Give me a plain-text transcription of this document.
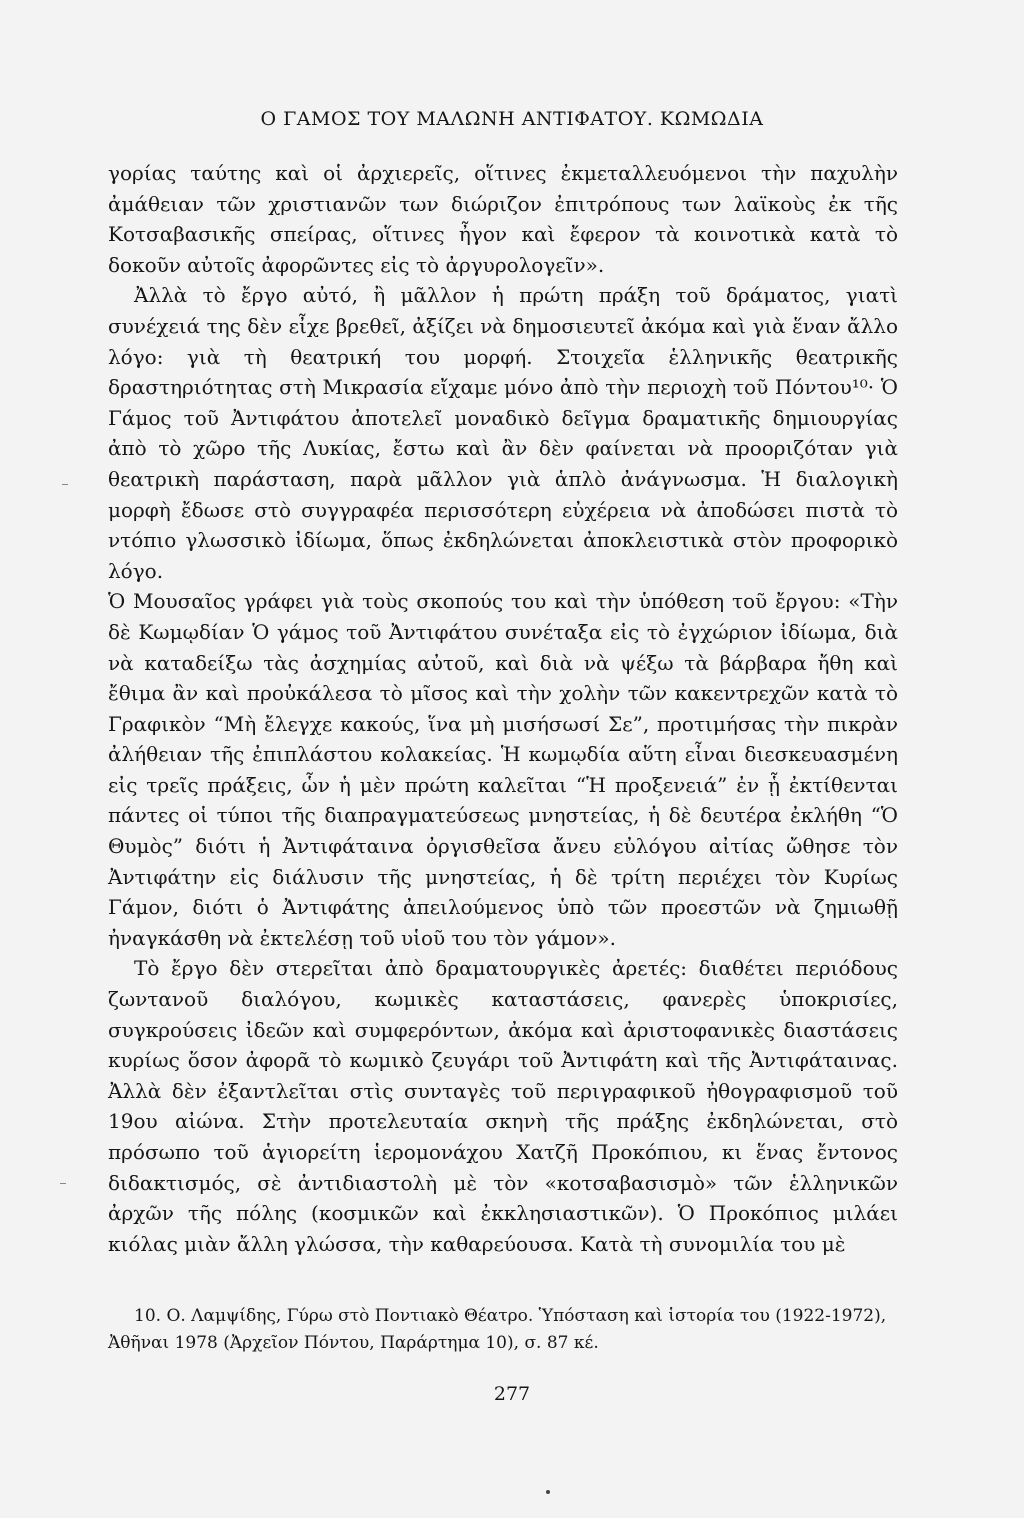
Ο ΓΑΜΟΣ ΤΟΥ ΜΑΛΩΝΗ ΑΝΤΙΦΑΤΟΥ. ΚΩΜΩΔΙΑ

γορίας ταύτης καὶ οἱ ἀρχιερεῖς, οἵτινες ἐκμεταλλευόμενοι τὴν παχυλὴν ἀμάθειαν τῶν χριστιανῶν των διώριζον ἐπιτρόπους των λαϊκοὺς ἐκ τῆς Κοτσαβασικῆς σπείρας, οἵτινες ἦγον καὶ ἔφερον τὰ κοινοτικὰ κατὰ τὸ δοκοῦν αὐτοῖς ἀφορῶντες εἰς τὸ ἀργυρολογεῖν».

Ἀλλὰ τὸ ἔργο αὐτό, ἢ μᾶλλον ἡ πρώτη πράξη τοῦ δράματος, γιατὶ συνέχειά της δὲν εἶχε βρεθεῖ, ἀξίζει νὰ δημοσιευτεῖ ἀκόμα καὶ γιὰ ἕναν ἄλλο λόγο: γιὰ τὴ θεατρική του μορφή. Στοιχεῖα ἑλληνικῆς θεατρικῆς δραστηριότητας στὴ Μικρασία εἴχαμε μόνο ἀπὸ τὴν περιοχὴ τοῦ Πόντου¹⁰· Ὁ Γάμος τοῦ Ἀντιφάτου ἀποτελεῖ μοναδικὸ δεῖγμα δραματικῆς δημιουργίας ἀπὸ τὸ χῶρο τῆς Λυκίας, ἔστω καὶ ἂν δὲν φαίνεται νὰ προοριζόταν γιὰ θεατρικὴ παράσταση, παρὰ μᾶλλον γιὰ ἁπλὸ ἀνάγνωσμα. Ἡ διαλογικὴ μορφὴ ἔδωσε στὸ συγγραφέα περισσότερη εὐχέρεια νὰ ἀποδώσει πιστὰ τὸ ντόπιο γλωσσικὸ ἰδίωμα, ὅπως ἐκδηλώνεται ἀποκλειστικὰ στὸν προφορικὸ λόγο.

Ὁ Μουσαῖος γράφει γιὰ τοὺς σκοπούς του καὶ τὴν ὑπόθεση τοῦ ἔργου: «Τὴν δὲ Κωμῳδίαν Ὁ γάμος τοῦ Ἀντιφάτου συνέταξα εἰς τὸ ἐγχώριον ἰδίωμα, διὰ νὰ καταδείξω τὰς ἀσχημίας αὐτοῦ, καὶ διὰ νὰ ψέξω τὰ βάρβαρα ἤθη καὶ ἔθιμα ἂν καὶ προὐκάλεσα τὸ μῖσος καὶ τὴν χολὴν τῶν κακεντρεχῶν κατὰ τὸ Γραφικὸν “Μὴ ἔλεγχε κακούς, ἵνα μὴ μισήσωσί Σε”, προτιμήσας τὴν πικρὰν ἀλήθειαν τῆς ἐπιπλάστου κολακείας. Ἡ κωμῳδία αὕτη εἶναι διεσκευασμένη εἰς τρεῖς πράξεις, ὧν ἡ μὲν πρώτη καλεῖται “Ἡ προξενειά” ἐν ᾗ ἐκτίθενται πάντες οἱ τύποι τῆς διαπραγματεύσεως μνηστείας, ἡ δὲ δευτέρα ἐκλήθη “Ὁ Θυμὸς” διότι ἡ Ἀντιφάταινα ὀργισθεῖσα ἄνευ εὐλόγου αἰτίας ὤθησε τὸν Ἀντιφάτην εἰς διάλυσιν τῆς μνηστείας, ἡ δὲ τρίτη περιέχει τὸν Κυρίως Γάμον, διότι ὁ Ἀντιφάτης ἀπειλούμενος ὑπὸ τῶν προεστῶν νὰ ζημιωθῇ ἠναγκάσθη νὰ ἐκτελέσῃ τοῦ υἱοῦ του τὸν γάμον».

Τὸ ἔργο δὲν στερεῖται ἀπὸ δραματουργικὲς ἀρετές: διαθέτει περιόδους ζωντανοῦ διαλόγου, κωμικὲς καταστάσεις, φανερὲς ὑποκρισίες, συγκρούσεις ἰδεῶν καὶ συμφερόντων, ἀκόμα καὶ ἀριστοφανικὲς διαστάσεις κυρίως ὅσον ἀφορᾶ τὸ κωμικὸ ζευγάρι τοῦ Ἀντιφάτη καὶ τῆς Ἀντιφάταινας. Ἀλλὰ δὲν ἐξαντλεῖται στὶς συνταγὲς τοῦ περιγραφικοῦ ἠθογραφισμοῦ τοῦ 19ου αἰώνα. Στὴν προτελευταία σκηνὴ τῆς πράξης ἐκδηλώνεται, στὸ πρόσωπο τοῦ ἁγιορείτη ἱερομονάχου Χατζῆ Προκόπιου, κι ἕνας ἔντονος διδακτισμός, σὲ ἀντιδιαστολὴ μὲ τὸν «κοτσαβασισμὸ» τῶν ἑλληνικῶν ἀρχῶν τῆς πόλης (κοσμικῶν καὶ ἐκκλησιαστικῶν). Ὁ Προκόπιος μιλάει κιόλας μιὰν ἄλλη γλώσσα, τὴν καθαρεύουσα. Κατὰ τὴ συνομιλία του μὲ

10. Ο. Λαμψίδης, Γύρω στὸ Ποντιακὸ Θέατρο. Ὑπόσταση καὶ ἱστορία του (1922-1972), Ἀθῆναι 1978 (Ἀρχεῖον Πόντου, Παράρτημα 10), σ. 87 κέ.

277
